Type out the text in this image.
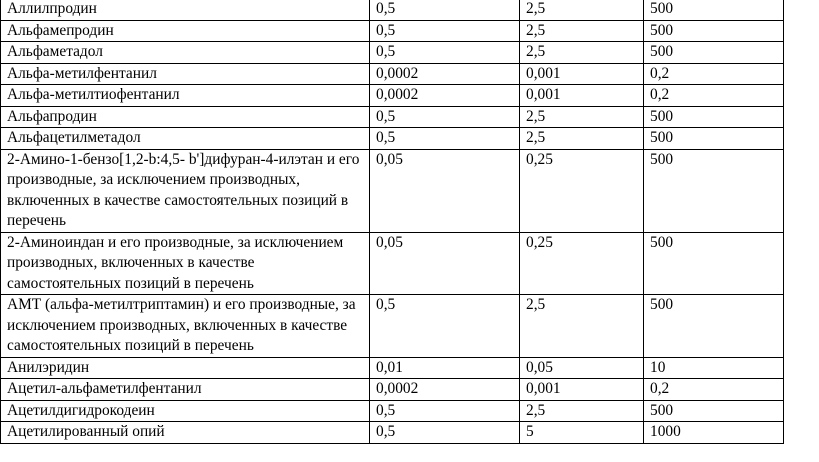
Аллилпродин	0,5	2,5	500
Альфамепродин	0,5	2,5	500
Альфаметадол	0,5	2,5	500
Альфа-метилфентанил	0,0002	0,001	0,2
Альфа-метилтиофентанил	0,0002	0,001	0,2
Альфапродин	0,5	2,5	500
Альфацетилметадол	0,5	2,5	500
2-Амино-1-бензо[1,2-b:4,5- b']дифуран-4-илэтан и его производные, за исключением производных, включенных в качестве самостоятельных позиций в перечень	0,05	0,25	500
2-Аминоиндан и его производные, за исключением производных, включенных в качестве самостоятельных позиций в перечень	0,05	0,25	500
АМТ (альфа-метилтриптамин) и его производные, за исключением производных, включенных в качестве самостоятельных позиций в перечень	0,5	2,5	500
Анилэридин	0,01	0,05	10
Ацетил-альфаметилфентанил	0,0002	0,001	0,2
Ацетилдигидрокодеин	0,5	2,5	500
Ацетилированный опий	0,5	5	1000
